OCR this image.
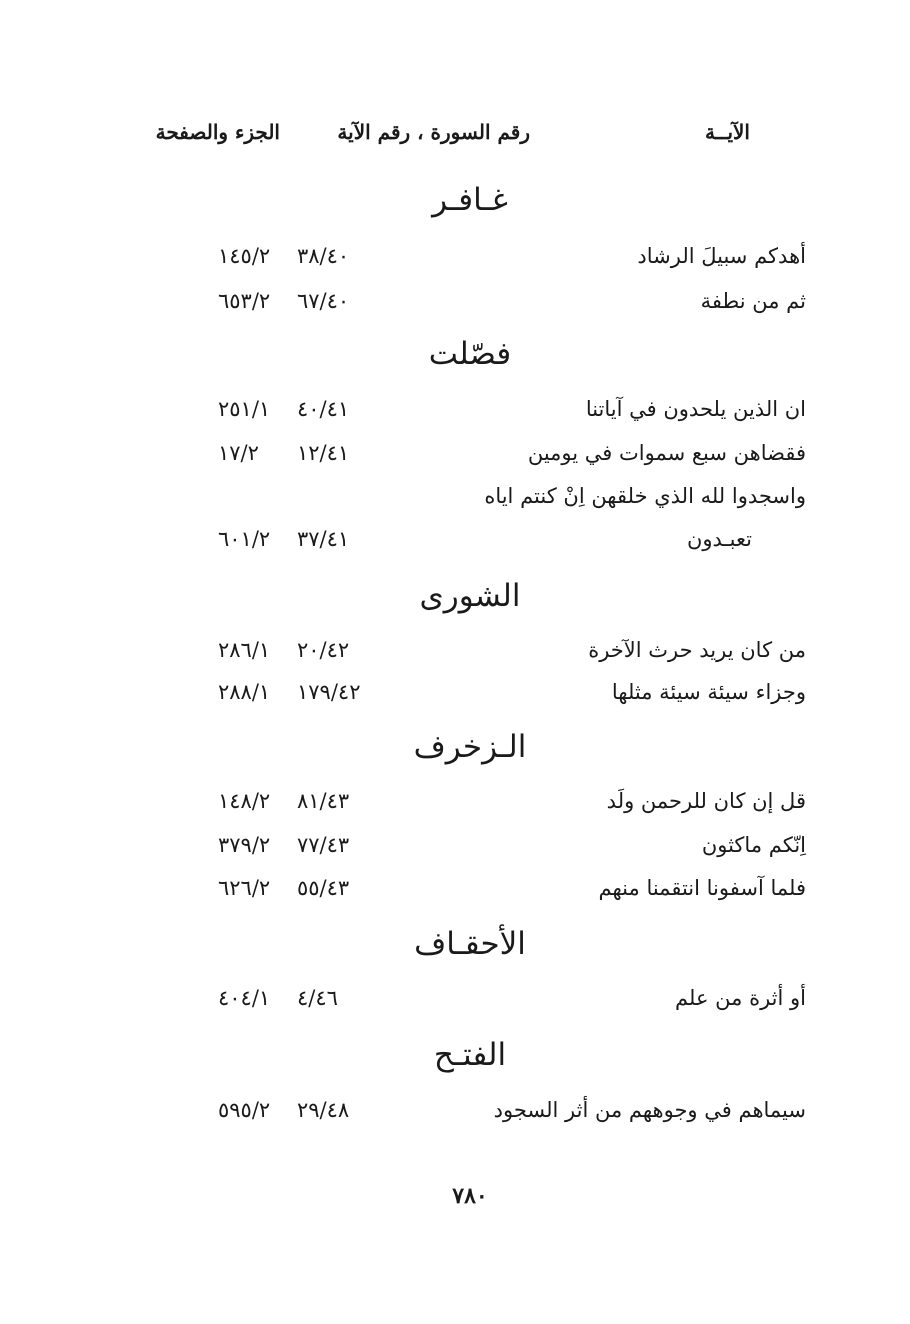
الآيــة
رقم السورة ، رقم الآية
الجزء والصفحة
غـافـر
أهدكم سبيلَ الرشاد
٣٨/٤٠
١٤٥/٢
ثم من نطفة
٦٧/٤٠
٦٥٣/٢
فصّلت
ان الذين يلحدون في آياتنا
٤٠/٤١
٢٥١/١
فقضاهن سبع سموات في يومين
١٢/٤١
١٧/٢
واسجدوا لله الذي خلقهن اِنْ كنتم اياه
تعبـدون
٣٧/٤١
٦٠١/٢
الشورى
من كان يريد حرث الآخرة
٢٠/٤٢
٢٨٦/١
وجزاء سيئة سيئة مثلها
١٧٩/٤٢
٢٨٨/١
الـزخرف
قل إن كان للرحمن ولَد
٨١/٤٣
١٤٨/٢
اِنّكم ماكثون
٧٧/٤٣
٣٧٩/٢
فلما آسفونا انتقمنا منهم
٥٥/٤٣
٦٢٦/٢
الأحقـاف
أو أثرة من علم
٤/٤٦
٤٠٤/١
الفتـح
سيماهم في وجوههم من أثر السجود
٢٩/٤٨
٥٩٥/٢
٧٨٠
